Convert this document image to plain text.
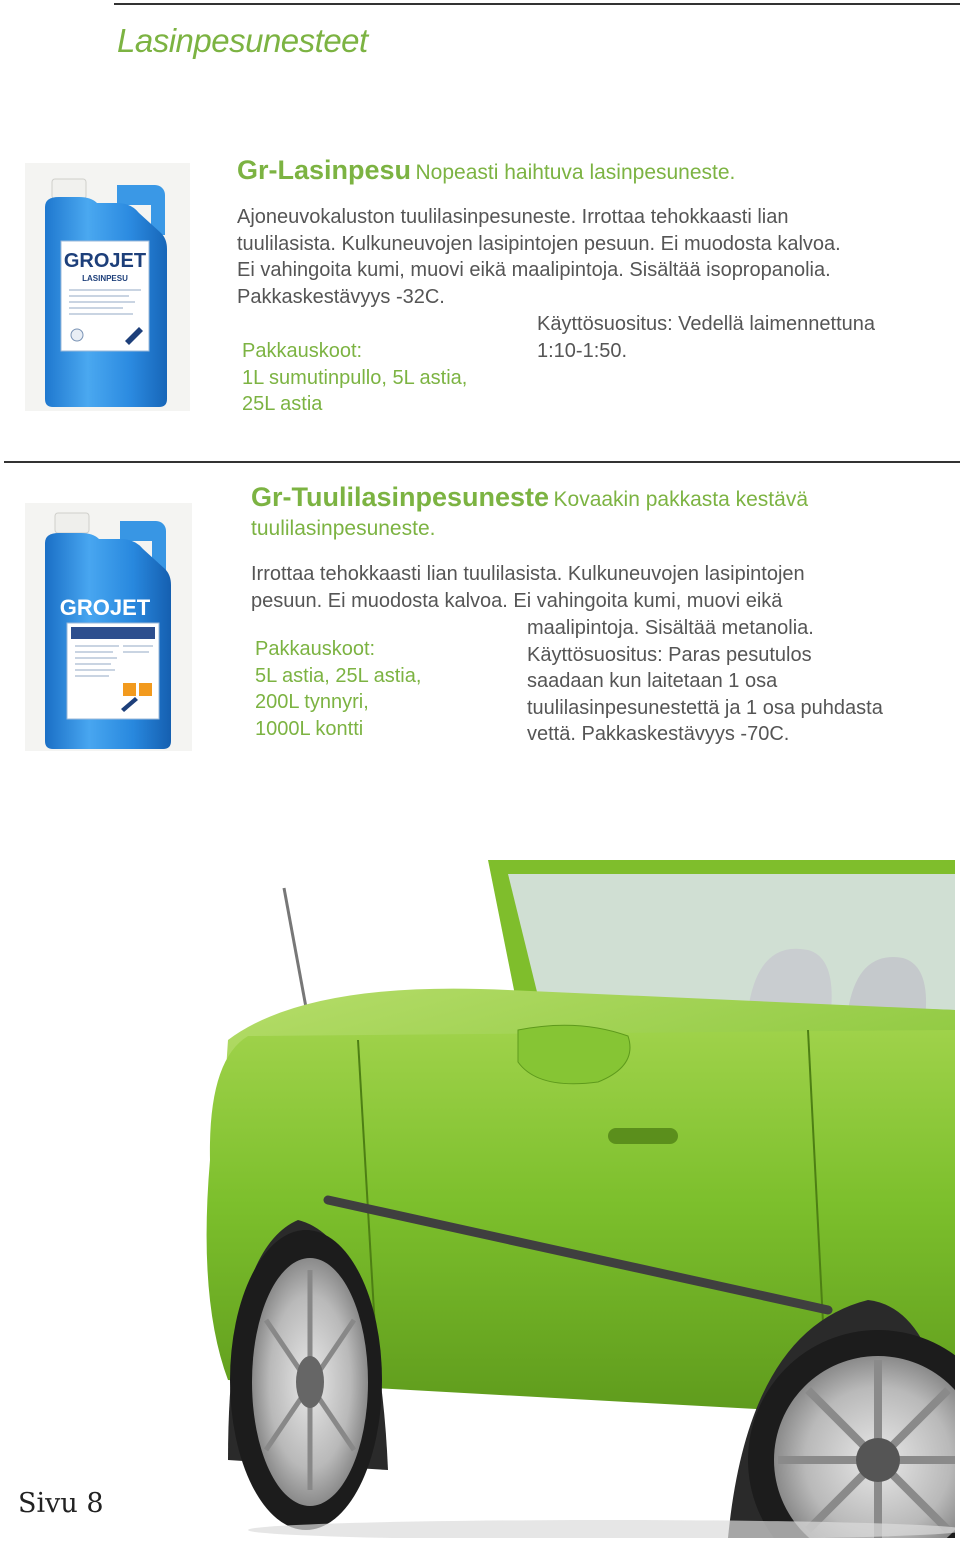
Lasinpesunesteet
GROJET
LASINPESU
Gr-Lasinpesu Nopeasti haihtuva lasinpesuneste.
Ajoneuvokaluston tuulilasinpesuneste. Irrottaa tehokkaasti lian
tuulilasista. Kulkuneuvojen lasipintojen pesuun. Ei muodosta kalvoa.
Ei vahingoita kumi, muovi eikä maalipintoja. Sisältää isopropanolia.
Pakkaskestävyys -32C.
Käyttösuositus: Vedellä laimennettuna
1:10-1:50.
Pakkauskoot:
1L sumutinpullo, 5L astia,
25L astia
GROJET
Gr-Tuulilasinpesuneste Kovaakin pakkasta kestävä
tuulilasinpesuneste.
Irrottaa tehokkaasti lian tuulilasista. Kulkuneuvojen lasipintojen
pesuun. Ei muodosta kalvoa. Ei vahingoita kumi, muovi eikä
maalipintoja. Sisältää metanolia.
Käyttösuositus: Paras pesutulos
saadaan kun laitetaan 1 osa
tuulilasinpesunestettä ja 1 osa puhdasta
vettä. Pakkaskestävyys -70C.
Pakkauskoot:
5L astia, 25L astia,
200L tynnyri,
1000L kontti
Sivu 8
